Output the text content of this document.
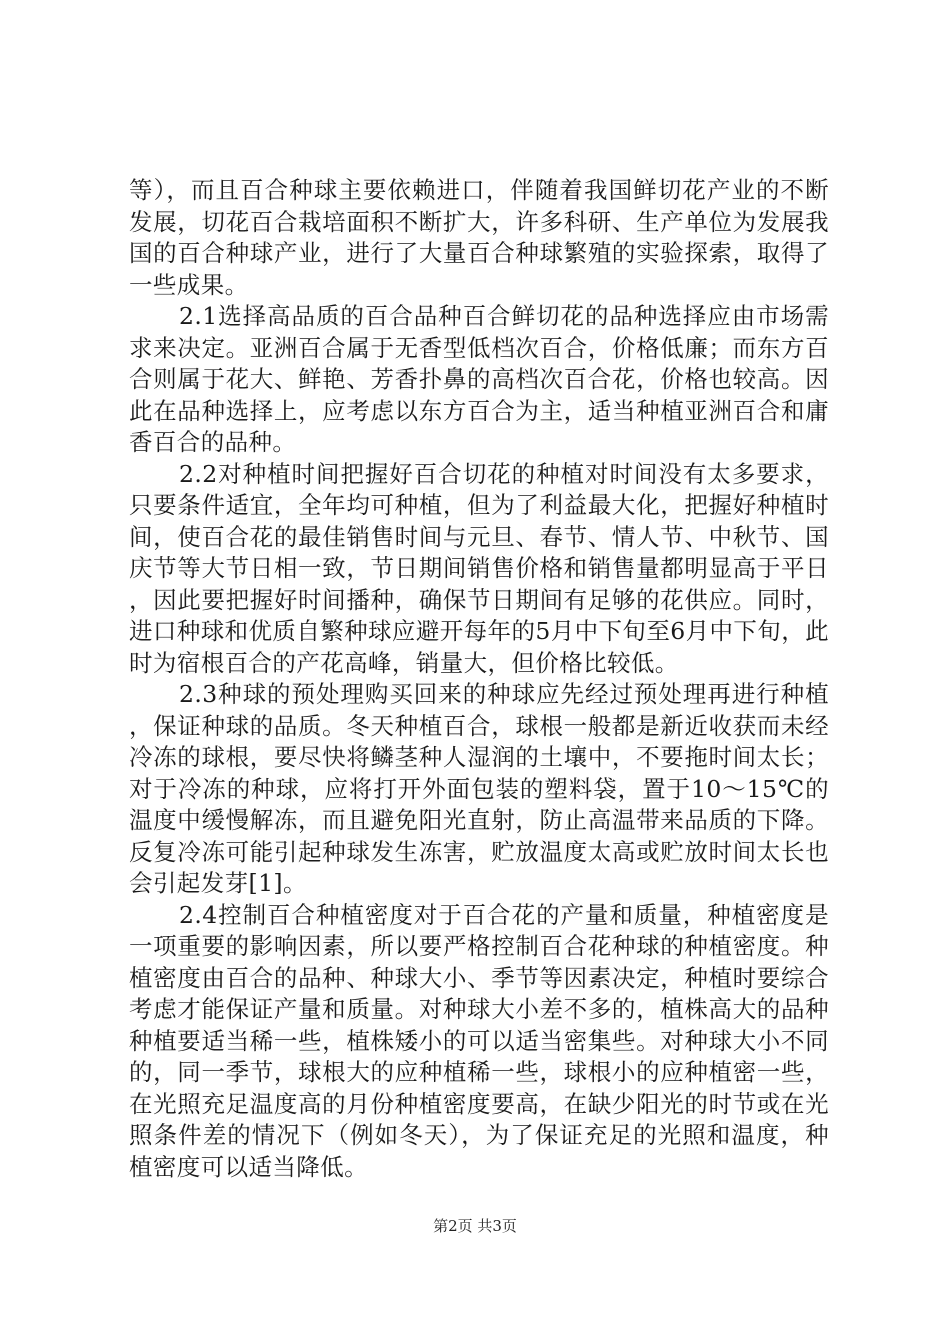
等），而且百合种球主要依赖进口，伴随着我国鲜切花产业的不断发展，切花百合栽培面积不断扩大，许多科研、生产单位为发展我国的百合种球产业，进行了大量百合种球繁殖的实验探索，取得了一些成果。

2.1选择高品质的百合品种百合鲜切花的品种选择应由市场需求来决定。亚洲百合属于无香型低档次百合，价格低廉；而东方百合则属于花大、鲜艳、芳香扑鼻的高档次百合花，价格也较高。因此在品种选择上，应考虑以东方百合为主，适当种植亚洲百合和庸香百合的品种。

2.2对种植时间把握好百合切花的种植对时间没有太多要求，只要条件适宜，全年均可种植，但为了利益最大化，把握好种植时间，使百合花的最佳销售时间与元旦、春节、情人节、中秋节、国庆节等大节日相一致，节日期间销售价格和销售量都明显高于平日，因此要把握好时间播种，确保节日期间有足够的花供应。同时，进口种球和优质自繁种球应避开每年的5月中下旬至6月中下旬，此时为宿根百合的产花高峰，销量大，但价格比较低。

2.3种球的预处理购买回来的种球应先经过预处理再进行种植，保证种球的品质。冬天种植百合，球根一般都是新近收获而未经冷冻的球根，要尽快将鳞茎种人湿润的土壤中，不要拖时间太长；对于冷冻的种球，应将打开外面包装的塑料袋，置于10～15℃的温度中缓慢解冻，而且避免阳光直射，防止高温带来品质的下降。反复冷冻可能引起种球发生冻害，贮放温度太高或贮放时间太长也会引起发芽[1]。

2.4控制百合种植密度对于百合花的产量和质量，种植密度是一项重要的影响因素，所以要严格控制百合花种球的种植密度。种植密度由百合的品种、种球大小、季节等因素决定，种植时要综合考虑才能保证产量和质量。对种球大小差不多的，植株高大的品种种植要适当稀一些，植株矮小的可以适当密集些。对种球大小不同的，同一季节，球根大的应种植稀一些，球根小的应种植密一些，在光照充足温度高的月份种植密度要高，在缺少阳光的时节或在光照条件差的情况下（例如冬天），为了保证充足的光照和温度，种植密度可以适当降低。

第2页 共3页
